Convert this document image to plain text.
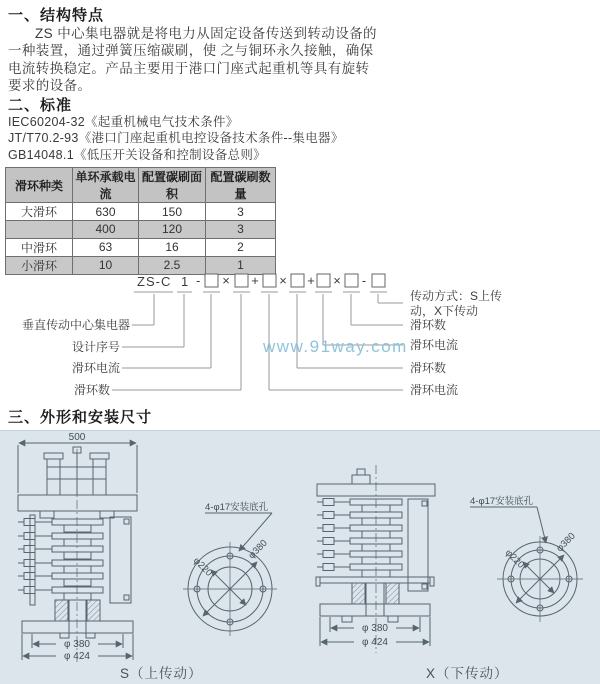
一、结构特点
ZS 中心集电器就是将电力从固定设备传送到转动设备的
一种装置，通过弹簧压缩碳刷，使 之与铜环永久接触，确保
电流转换稳定。产品主要用于港口门座式起重机等具有旋转
要求的设备。
二、标准
IEC60204-32《起重机械电气技术条件》
JT/T70.2-93《港口门座起重机电控设备技术条件--集电器》
GB14048.1《低压开关设备和控制设备总则》
滑环种类	单环承载电流	配置碳刷面积	配置碳刷数量
大滑环	630	150	3
	400	120	3
中滑环	63	16	2
小滑环	10	2.5	1
ZS-C 1 - × + × + × -
垂直传动中心集电器
设计序号
滑环电流
滑环数
传动方式：S上传
动，X下传动
滑环数
滑环电流
滑环数
滑环电流
www.91way.com
三、外形和安装尺寸
500
φ 380
φ 424
4-φ17安装底孔
φ220
φ380
φ 380
φ 424
4-φ17安装底孔
φ220
φ380
S（上传动）	X（下传动）
